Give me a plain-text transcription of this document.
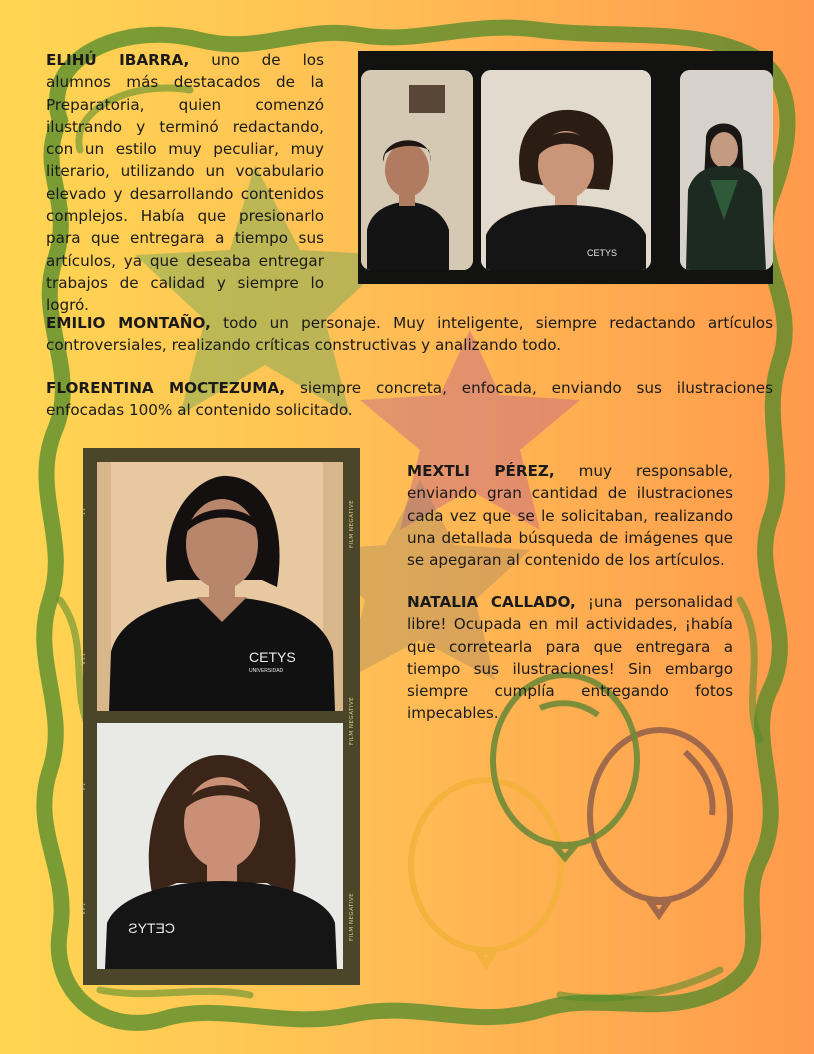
ELIHÚ IBARRA, uno de los alumnos más destacados de la Preparatoria, quien comenzó ilustrando y terminó redactando, con un estilo muy peculiar, muy literario, utilizando un vocabulario elevado y desarrollando contenidos complejos. Había que presionarlo para que entregara a tiempo sus artículos, ya que deseaba entregar trabajos de calidad y siempre lo logró.

CETYS

EMILIO MONTAÑO, todo un personaje. Muy inteligente, siempre redactando artículos controversiales, realizando críticas constructivas y analizando todo.

FLORENTINA MOCTEZUMA, siempre concreta, enfocada, enviando sus ilustraciones enfocadas 100% al contenido solicitado.

CETYS
UNIVERSIDAD
CETYS
FILM NEGATIVE
FILM NEGATIVE
FILM NEGATIVE
11
11A
14
14A

MEXTLI PÉREZ, muy responsable, enviando gran cantidad de ilustraciones cada vez que se le solicitaban, realizando una detallada búsqueda de imágenes que se apegaran al contenido de los artículos.

NATALIA CALLADO, ¡una personalidad libre! Ocupada en mil actividades, ¡había que corretearla para que entregara a tiempo sus ilustraciones! Sin embargo siempre cumplía entregando fotos impecables.
